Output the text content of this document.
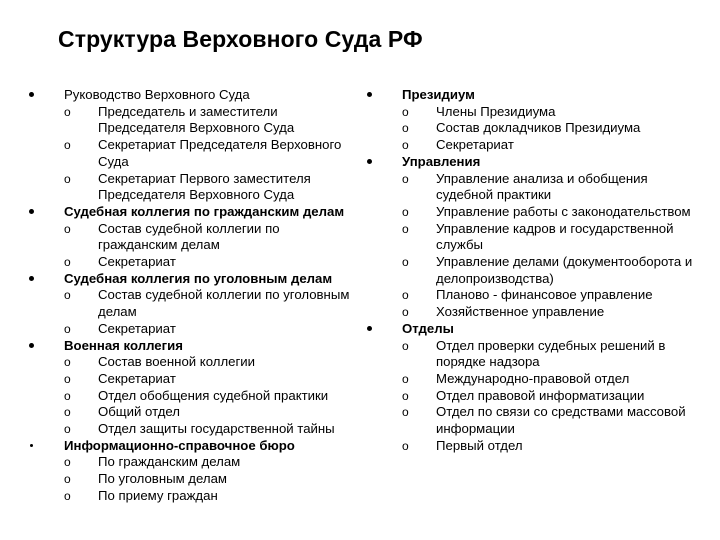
Структура Верховного Суда РФ
Руководство Верховного Суда
o Председатель и заместители Председателя Верховного Суда
o Секретариат Председателя Верховного Суда
o Секретариат Первого заместителя Председателя Верховного Суда
Судебная коллегия по гражданским делам
o Состав судебной коллегии по гражданским делам
o Секретариат
Судебная коллегия по уголовным делам
o Состав судебной коллегии по уголовным делам
o Секретариат
Военная коллегия
o Состав военной коллегии
o Секретариат
o Отдел обобщения судебной практики
o Общий отдел
o Отдел защиты государственной тайны
Информационно-справочное бюро
o По гражданским делам
o По уголовным делам
o По приему граждан
Президиум
o Члены Президиума
o Состав докладчиков Президиума
o Секретариат
Управления
o Управление анализа и обобщения судебной практики
o Управление работы с законодательством
o Управление кадров и государственной службы
o Управление делами (документооборота и делопроизводства)
o Планово - финансовое управление
o Хозяйственное управление
Отделы
o Отдел проверки судебных решений в порядке надзора
o Международно-правовой отдел
o Отдел правовой информатизации
o Отдел по связи со средствами массовой информации
o Первый отдел
